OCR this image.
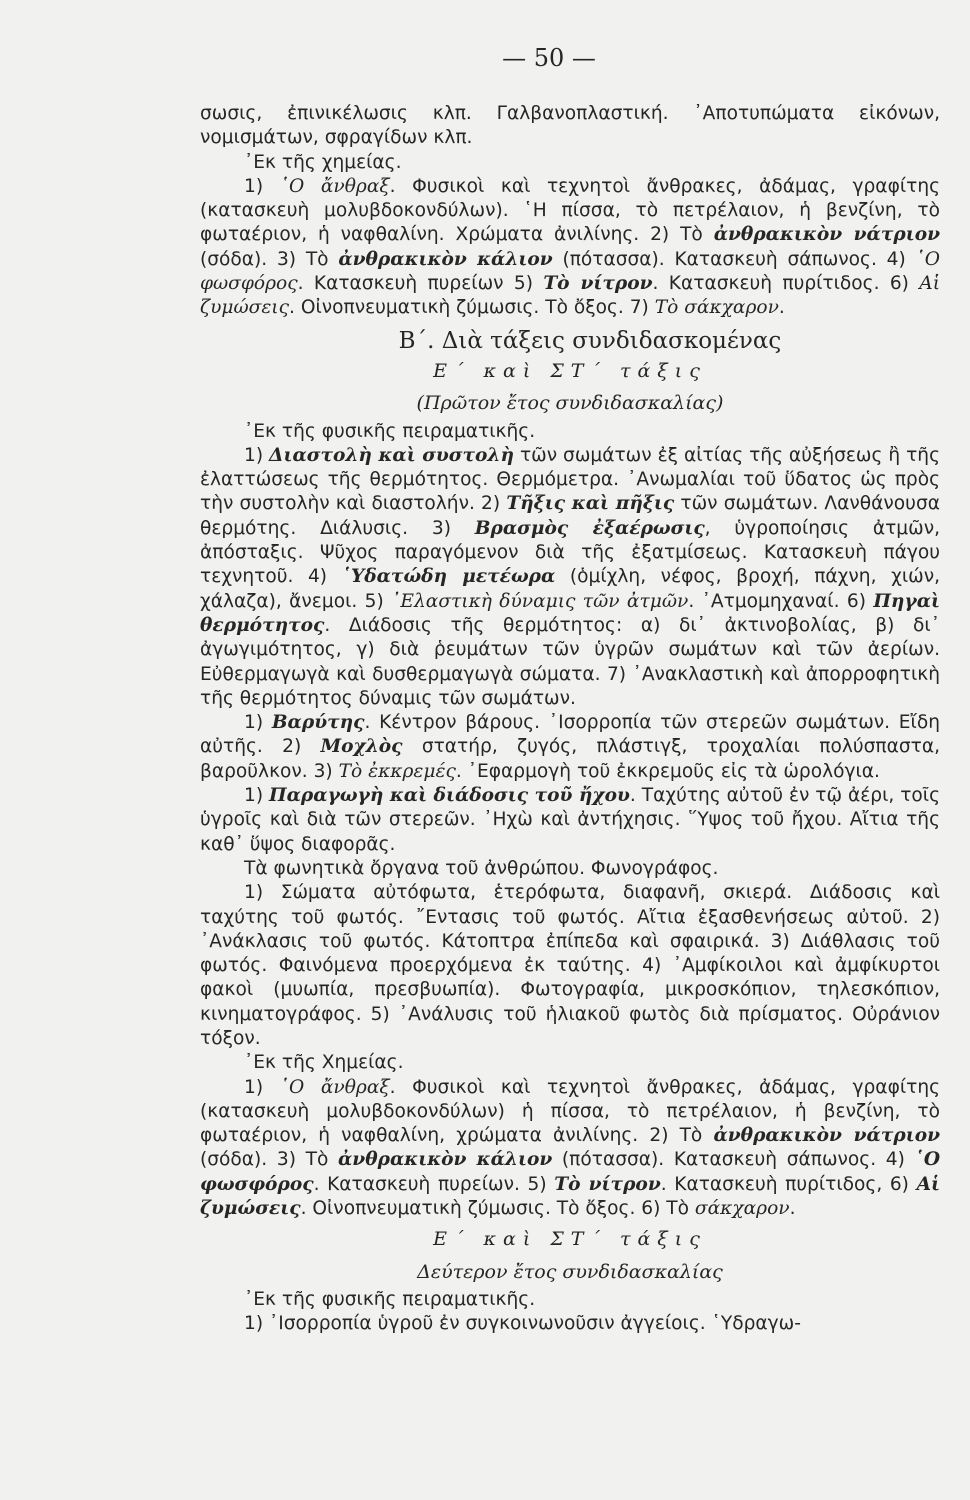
— 50 —

σωσις, ἐπινικέλωσις κλπ. Γαλβανοπλαστική. ᾿Αποτυπώματα εἰκόνων, νομισμάτων, σφραγίδων κλπ.

᾿Εκ τῆς χημείας.

1) ῾Ο ἄνθραξ. Φυσικοὶ καὶ τεχνητοὶ ἄνθρακες, ἀδάμας, γραφίτης (κατασκευὴ μολυβδοκονδύλων). ῾Η πίσσα, τὸ πετρέλαιον, ἡ βενζίνη, τὸ φωταέριον, ἡ ναφθαλίνη. Χρώματα ἀνιλίνης. 2) Τὸ ἀνθρακικὸν νάτριον (σόδα). 3) Τὸ ἀνθρακικὸν κάλιον (πότασσα). Κατασκευὴ σάπωνος. 4) ῾Ο φωσφόρος. Κατασκευὴ πυρείων 5) Τὸ νίτρον. Κατασκευὴ πυρίτιδος. 6) Αἱ ζυμώσεις. Οἰνοπνευματικὴ ζύμωσις. Τὸ ὄξος. 7) Τὸ σάκχαρον.

Β΄. Διὰ τάξεις συνδιδασκομένας
Ε΄ καὶ ΣΤ΄ τάξις
(Πρῶτον ἔτος συνδιδασκαλίας)

᾿Εκ τῆς φυσικῆς πειραματικῆς.

1) Διαστολὴ καὶ συστολὴ τῶν σωμάτων ἐξ αἰτίας τῆς αὐξήσεως ἢ τῆς ἐλαττώσεως τῆς θερμότητος. Θερμόμετρα. ᾿Ανωμαλίαι τοῦ ὕδατος ὡς πρὸς τὴν συστολὴν καὶ διαστολήν. 2) Τῆξις καὶ πῆξις τῶν σωμάτων. Λανθάνουσα θερμότης. Διάλυσις. 3) Βρασμὸς ἐξαέρωσις, ὑγροποίησις ἀτμῶν, ἀπόσταξις. Ψῦχος παραγόμενον διὰ τῆς ἐξατμίσεως. Κατασκευὴ πάγου τεχνητοῦ. 4) ῾Υδατώδη μετέωρα (ὁμίχλη, νέφος, βροχή, πάχνη, χιών, χάλαζα), ἄνεμοι. 5) ᾿Ελαστικὴ δύναμις τῶν ἀτμῶν. ᾿Ατμομηχαναί. 6) Πηγαὶ θερμότητος. Διάδοσις τῆς θερμότητος: α) δι᾿ ἀκτινοβολίας, β) δι᾿ ἀγωγιμότητος, γ) διὰ ῥευμάτων τῶν ὑγρῶν σωμάτων καὶ τῶν ἀερίων. Εὐθερμαγωγὰ καὶ δυσθερμαγωγὰ σώματα. 7) ᾿Ανακλαστικὴ καὶ ἀπορροφητικὴ τῆς θερμότητος δύναμις τῶν σωμάτων.

1) Βαρύτης. Κέντρον βάρους. ᾿Ισορροπία τῶν στερεῶν σωμάτων. Εἴδη αὐτῆς. 2) Μοχλὸς στατήρ, ζυγός, πλάστιγξ, τροχαλίαι πολύσπαστα, βαροῦλκον. 3) Τὸ ἐκκρεμές. ᾿Εφαρμογὴ τοῦ ἐκκρεμοῦς εἰς τὰ ὡρολόγια.

1) Παραγωγὴ καὶ διάδοσις τοῦ ἤχου. Ταχύτης αὐτοῦ ἐν τῷ ἀέρι, τοῖς ὑγροῖς καὶ διὰ τῶν στερεῶν. ᾿Ηχὼ καὶ ἀντήχησις. ῞Υψος τοῦ ἤχου. Αἴτια τῆς καθ᾿ ὕψος διαφορᾶς.

Τὰ φωνητικὰ ὄργανα τοῦ ἀνθρώπου. Φωνογράφος.

1) Σώματα αὐτόφωτα, ἑτερόφωτα, διαφανῆ, σκιερά. Διάδοσις καὶ ταχύτης τοῦ φωτός. ῎Εντασις τοῦ φωτός. Αἴτια ἐξασθενήσεως αὐτοῦ. 2) ᾿Ανάκλασις τοῦ φωτός. Κάτοπτρα ἐπίπεδα καὶ σφαιρικά. 3) Διάθλασις τοῦ φωτός. Φαινόμενα προερχόμενα ἐκ ταύτης. 4) ᾿Αμφίκοιλοι καὶ ἀμφίκυρτοι φακοὶ (μυωπία, πρεσβυωπία). Φωτογραφία, μικροσκόπιον, τηλεσκόπιον, κινηματογράφος. 5) ᾿Ανάλυσις τοῦ ἡλιακοῦ φωτὸς διὰ πρίσματος. Οὐράνιον τόξον.

᾿Εκ τῆς Χημείας.

1) ῾Ο ἄνθραξ. Φυσικοὶ καὶ τεχνητοὶ ἄνθρακες, ἀδάμας, γραφίτης (κατασκευὴ μολυβδοκονδύλων) ἡ πίσσα, τὸ πετρέλαιον, ἡ βενζίνη, τὸ φωταέριον, ἡ ναφθαλίνη, χρώματα ἀνιλίνης. 2) Τὸ ἀνθρακικὸν νάτριον (σόδα). 3) Τὸ ἀνθρακικὸν κάλιον (πότασσα). Κατασκευὴ σάπωνος. 4) ῾Ο φωσφόρος. Κατασκευὴ πυρείων. 5) Τὸ νίτρον. Κατασκευὴ πυρίτιδος, 6) Αἱ ζυμώσεις. Οἰνοπνευματικὴ ζύμωσις. Τὸ ὄξος. 6) Τὸ σάκχαρον.

Ε΄ καὶ ΣΤ΄ τάξις
Δεύτερον ἔτος συνδιδασκαλίας

᾿Εκ τῆς φυσικῆς πειραματικῆς.

1) ᾿Ισορροπία ὑγροῦ ἐν συγκοινωνοῦσιν ἀγγείοις. ῾Υδραγω-
